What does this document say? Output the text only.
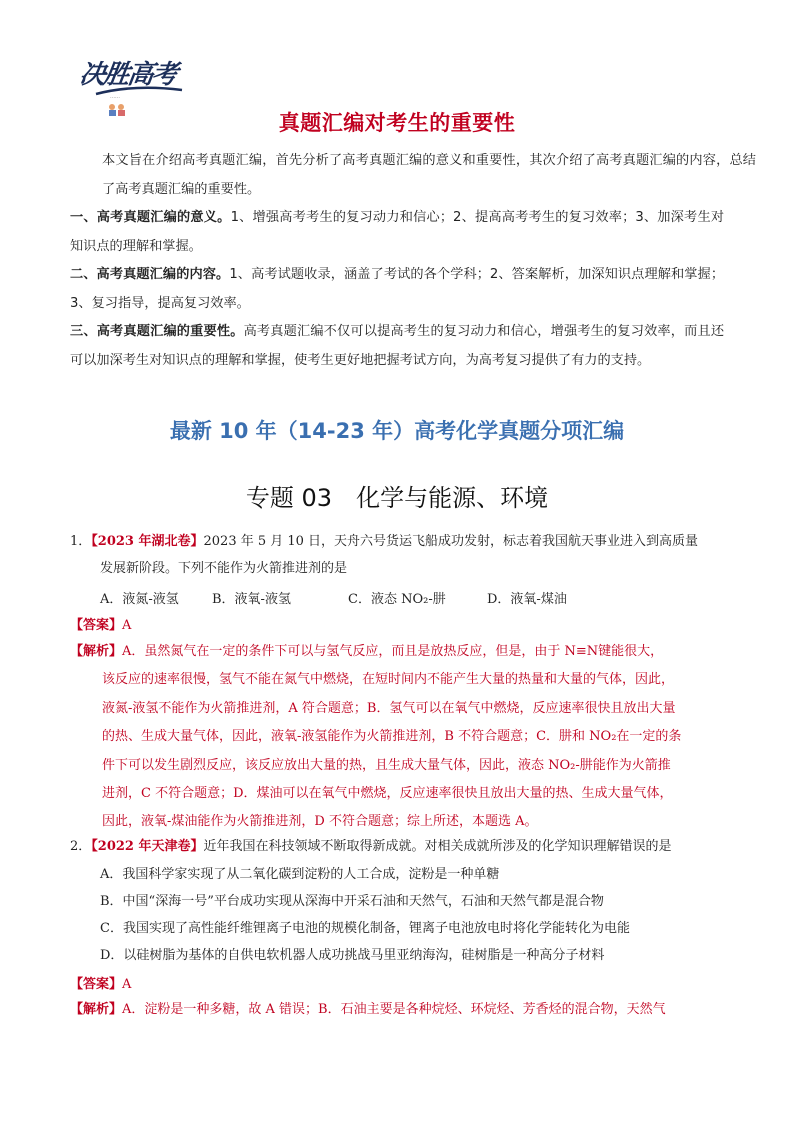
决胜高考
……
真题汇编对考生的重要性
本文旨在介绍高考真题汇编，首先分析了高考真题汇编的意义和重要性，其次介绍了高考真题汇编的内容，总结了高考真题汇编的重要性。
一、高考真题汇编的意义。1、增强高考考生的复习动力和信心；2、提高高考考生的复习效率；3、加深考生对知识点的理解和掌握。
二、高考真题汇编的内容。1、高考试题收录，涵盖了考试的各个学科；2、答案解析，加深知识点理解和掌握；3、复习指导，提高复习效率。
三、高考真题汇编的重要性。高考真题汇编不仅可以提高考生的复习动力和信心，增强考生的复习效率，而且还可以加深考生对知识点的理解和掌握，使考生更好地把握考试方向，为高考复习提供了有力的支持。
最新 10 年（14-23 年）高考化学真题分项汇编
专题 03　化学与能源、环境
1．【2023 年湖北卷】2023 年 5 月 10 日，天舟六号货运飞船成功发射，标志着我国航天事业进入到高质量
发展新阶段。下列不能作为火箭推进剂的是
A．液氮-液氢	B．液氧-液氢	C．液态 NO₂-肼	D．液氧-煤油
【答案】A
【解析】A．虽然氮气在一定的条件下可以与氢气反应，而且是放热反应，但是，由于 N≡N键能很大，
该反应的速率很慢，氢气不能在氮气中燃烧，在短时间内不能产生大量的热量和大量的气体，因此，
液氮-液氢不能作为火箭推进剂，A 符合题意；B．氢气可以在氧气中燃烧，反应速率很快且放出大量
的热、生成大量气体，因此，液氧-液氢能作为火箭推进剂，B 不符合题意；C．肼和 NO₂在一定的条
件下可以发生剧烈反应，该反应放出大量的热，且生成大量气体，因此，液态 NO₂-肼能作为火箭推
进剂，C 不符合题意；D．煤油可以在氧气中燃烧，反应速率很快且放出大量的热、生成大量气体，
因此，液氧-煤油能作为火箭推进剂，D 不符合题意；综上所述，本题选 A。
2．【2022 年天津卷】近年我国在科技领域不断取得新成就。对相关成就所涉及的化学知识理解错误的是
A．我国科学家实现了从二氧化碳到淀粉的人工合成，淀粉是一种单糖
B．中国“深海一号”平台成功实现从深海中开采石油和天然气，石油和天然气都是混合物
C．我国实现了高性能纤维锂离子电池的规模化制备，锂离子电池放电时将化学能转化为电能
D．以硅树脂为基体的自供电软机器人成功挑战马里亚纳海沟，硅树脂是一种高分子材料
【答案】A
【解析】A．淀粉是一种多糖，故 A 错误；B．石油主要是各种烷烃、环烷烃、芳香烃的混合物，天然气
